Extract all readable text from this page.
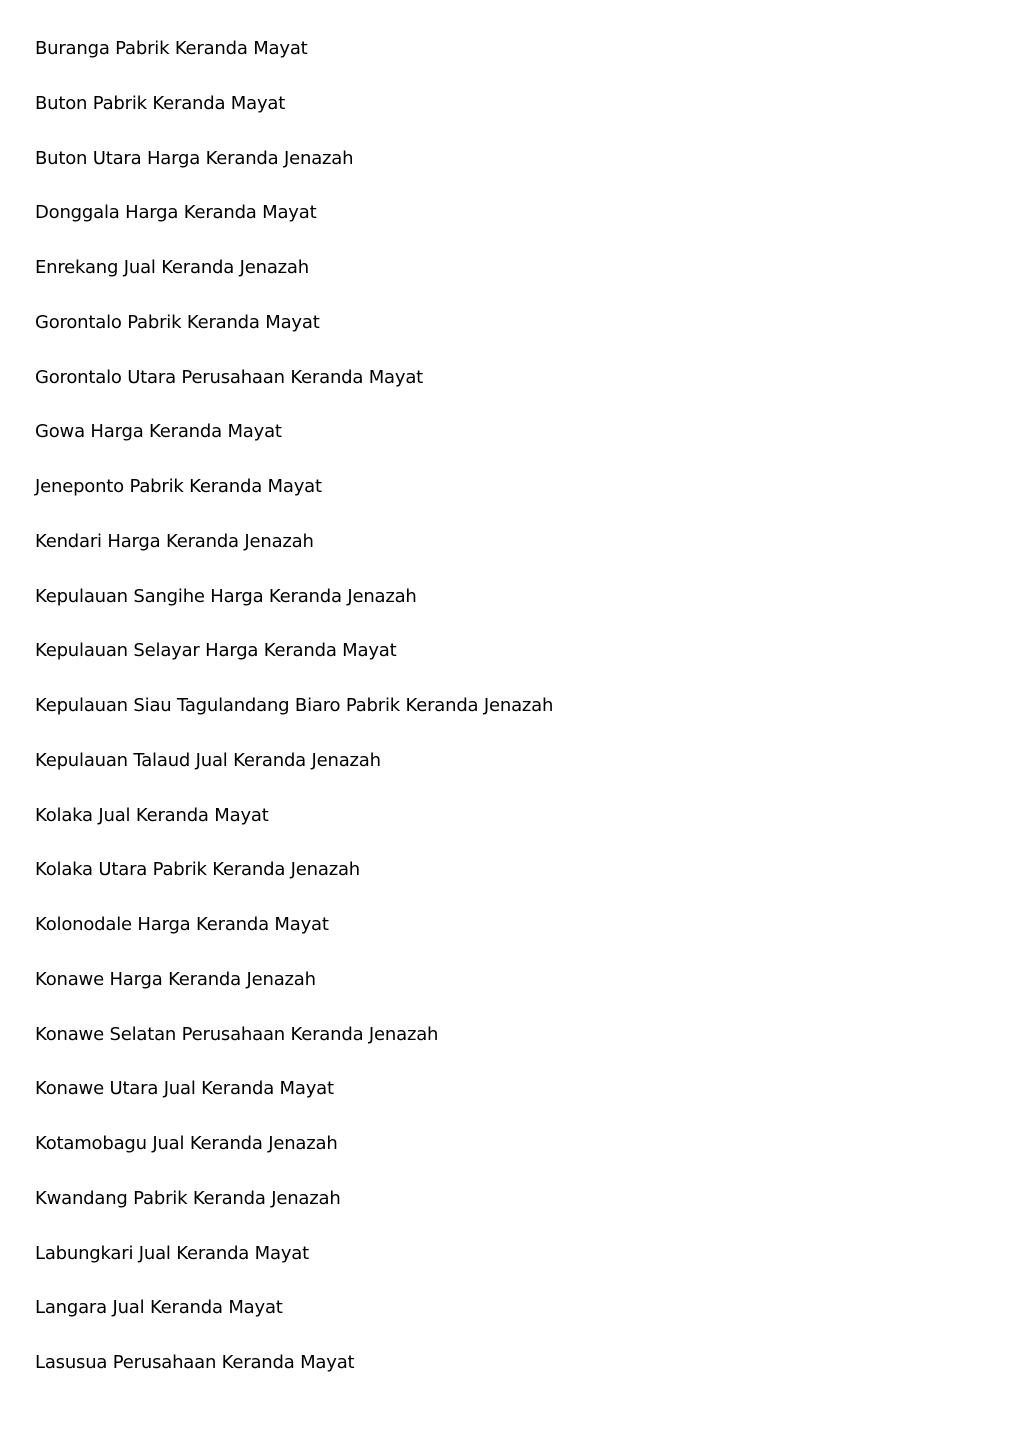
Buranga Pabrik Keranda Mayat
Buton Pabrik Keranda Mayat
Buton Utara Harga Keranda Jenazah
Donggala Harga Keranda Mayat
Enrekang Jual Keranda Jenazah
Gorontalo Pabrik Keranda Mayat
Gorontalo Utara Perusahaan Keranda Mayat
Gowa Harga Keranda Mayat
Jeneponto Pabrik Keranda Mayat
Kendari Harga Keranda Jenazah
Kepulauan Sangihe Harga Keranda Jenazah
Kepulauan Selayar Harga Keranda Mayat
Kepulauan Siau Tagulandang Biaro Pabrik Keranda Jenazah
Kepulauan Talaud Jual Keranda Jenazah
Kolaka Jual Keranda Mayat
Kolaka Utara Pabrik Keranda Jenazah
Kolonodale Harga Keranda Mayat
Konawe Harga Keranda Jenazah
Konawe Selatan Perusahaan Keranda Jenazah
Konawe Utara Jual Keranda Mayat
Kotamobagu Jual Keranda Jenazah
Kwandang Pabrik Keranda Jenazah
Labungkari Jual Keranda Mayat
Langara Jual Keranda Mayat
Lasusua Perusahaan Keranda Mayat
